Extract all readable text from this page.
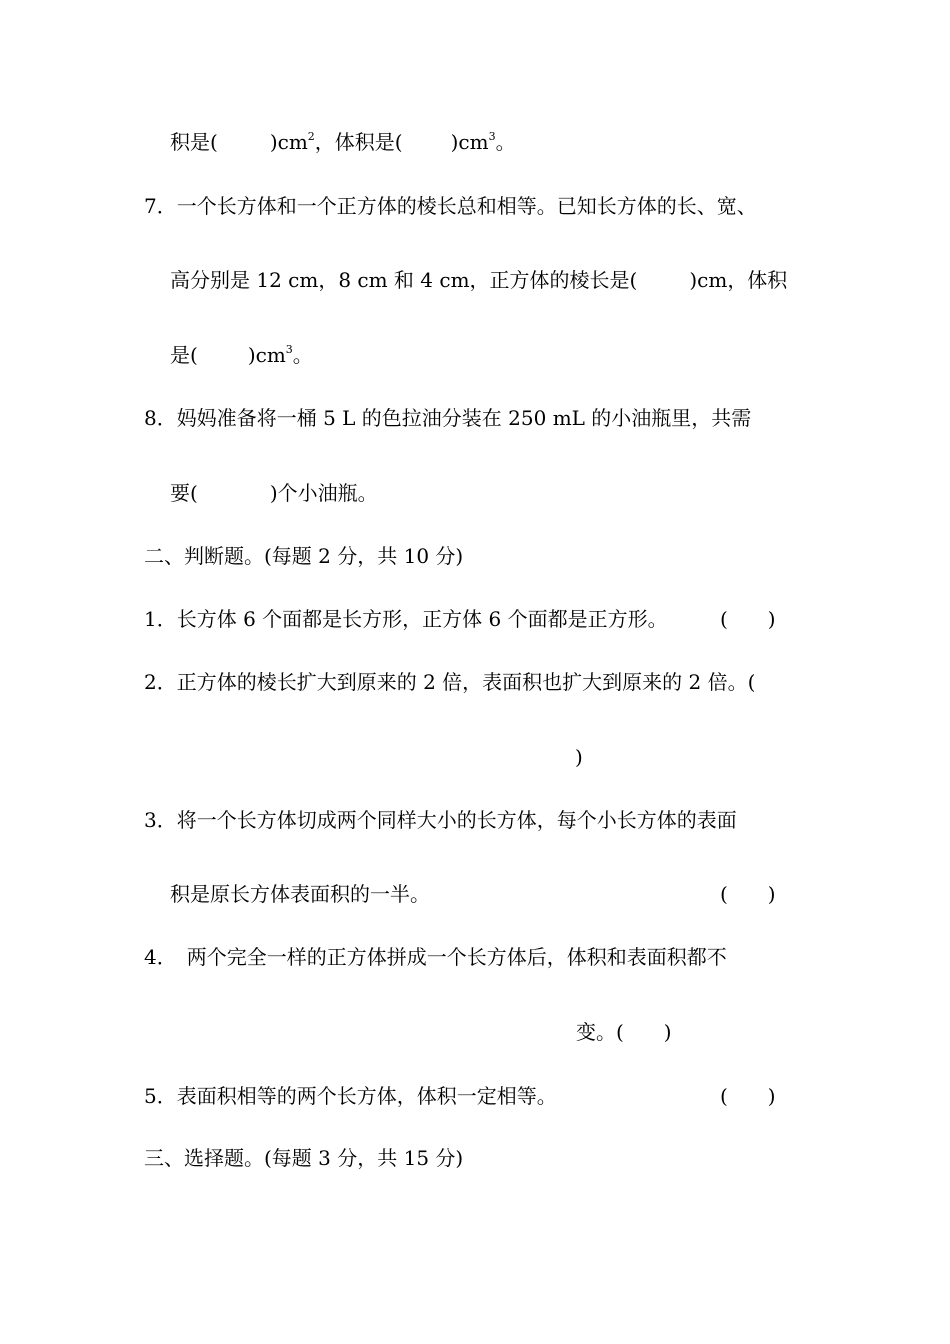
积是(	)$cm^2$，体积是( )$cm^3$。
7．一个长方体和一个正方体的棱长总和相等。已知长方体的长、宽、
高分别是 12 cm，8 cm 和 4 cm，正方体的棱长是(	)cm，体积
是(	)$cm^3$。
8．妈妈准备将一桶 5 L 的色拉油分装在 250 mL 的小油瓶里，共需
要(	)个小油瓶。
二、判断题。(每题 2 分，共 10 分)
1．长方体 6 个面都是长方形，正方体 6 个面都是正方形。	(　　)
2．正方体的棱长扩大到原来的 2 倍，表面积也扩大到原来的 2 倍。(
)
3．将一个长方体切成两个同样大小的长方体，每个小长方体的表面
积是原长方体表面积的一半。	(　　)
4．　两个完全一样的正方体拼成一个长方体后，体积和表面积都不
变。(　　)
5．表面积相等的两个长方体，体积一定相等。	(　　)
三、选择题。(每题 3 分，共 15 分)
